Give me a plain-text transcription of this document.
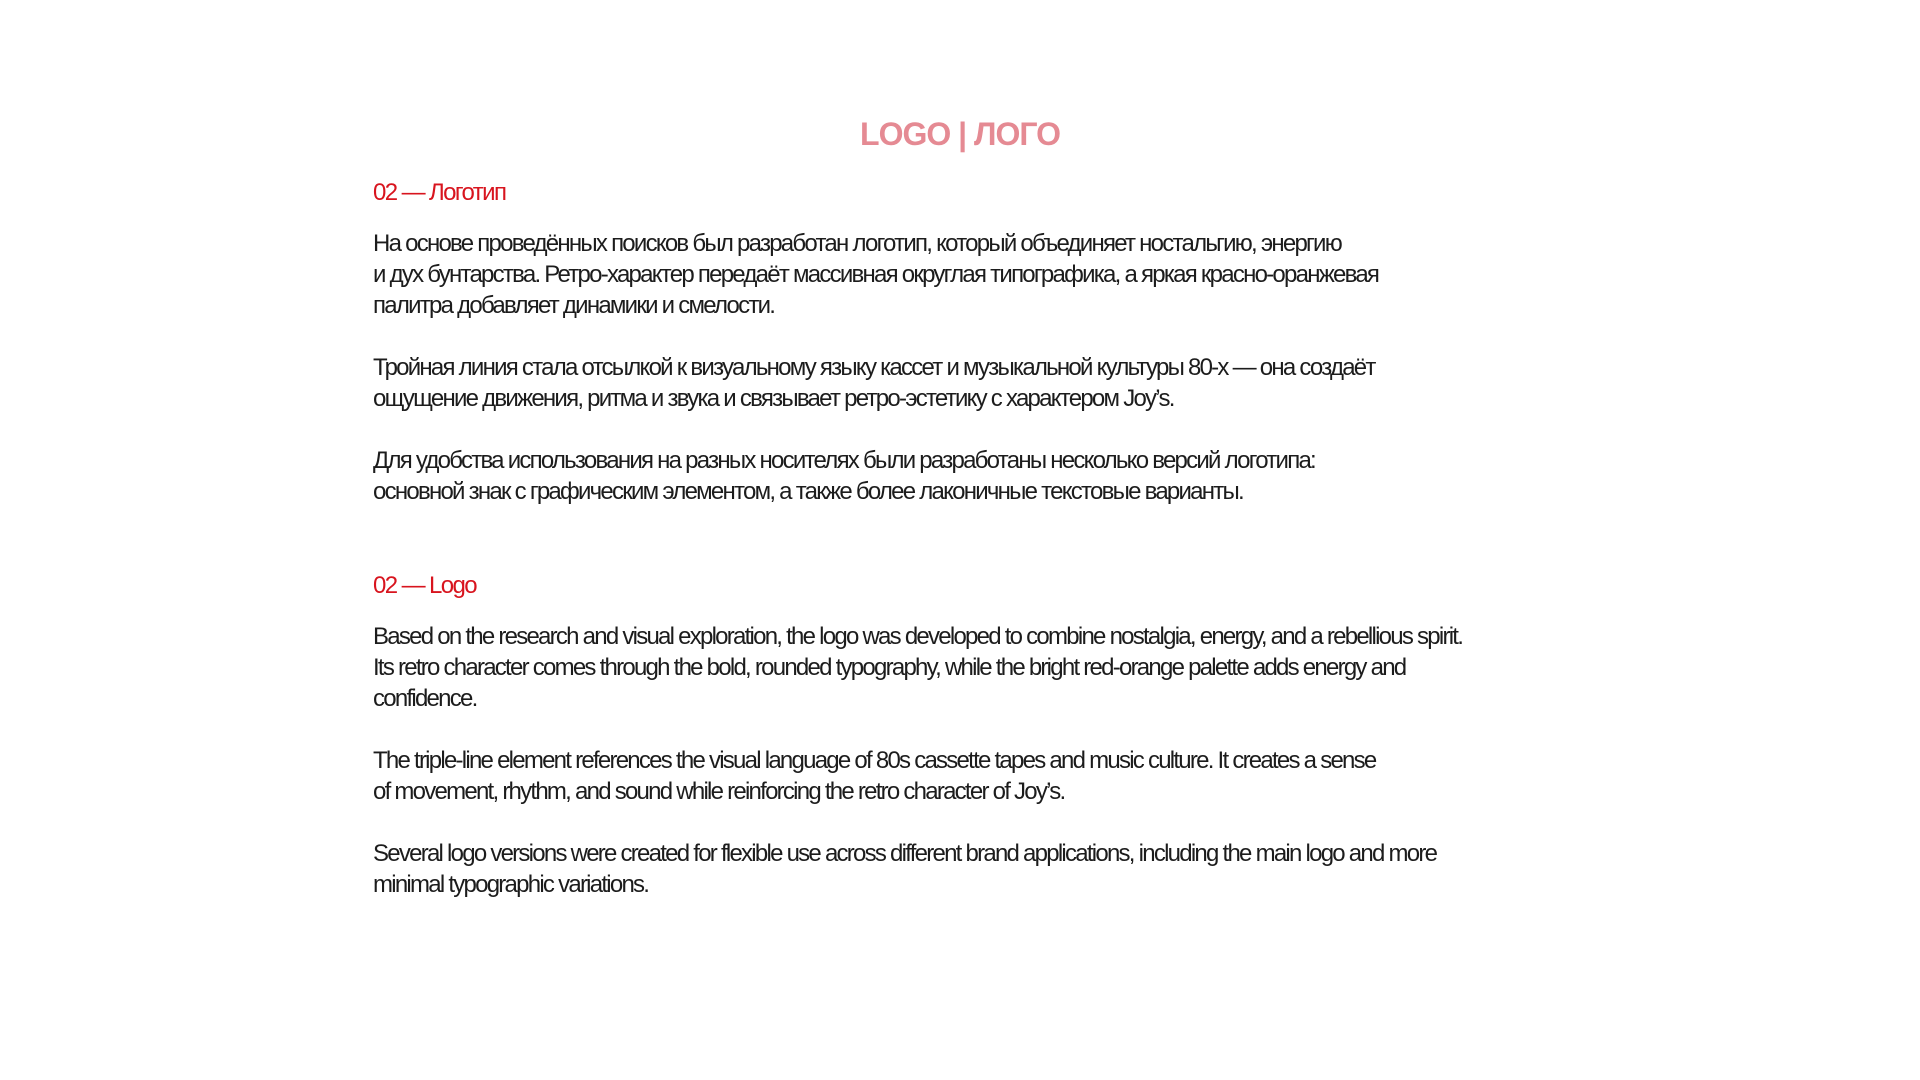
LOGO | ЛОГО
02 — Логотип

На основе проведённых поисков был разработан логотип, который объединяет ностальгию, энергию
и дух бунтарства. Ретро-характер передаёт массивная округлая типографика, а яркая красно-оранжевая
палитра добавляет динамики и смелости.

Тройная линия стала отсылкой к визуальному языку кассет и музыкальной культуры 80-х — она создаёт
ощущение движения, ритма и звука и связывает ретро-эстетику с характером Joy’s.

Для удобства использования на разных носителях были разработаны несколько версий логотипа:
основной знак с графическим элементом, а также более лаконичные текстовые варианты.

02 — Logo

Based on the research and visual exploration, the logo was developed to combine nostalgia, energy, and a rebellious spirit.
Its retro character comes through the bold, rounded typography, while the bright red-orange palette adds energy and
confidence.

The triple-line element references the visual language of 80s cassette tapes and music culture. It creates a sense
of movement, rhythm, and sound while reinforcing the retro character of Joy’s.

Several logo versions were created for flexible use across different brand applications, including the main logo and more
minimal typographic variations.
